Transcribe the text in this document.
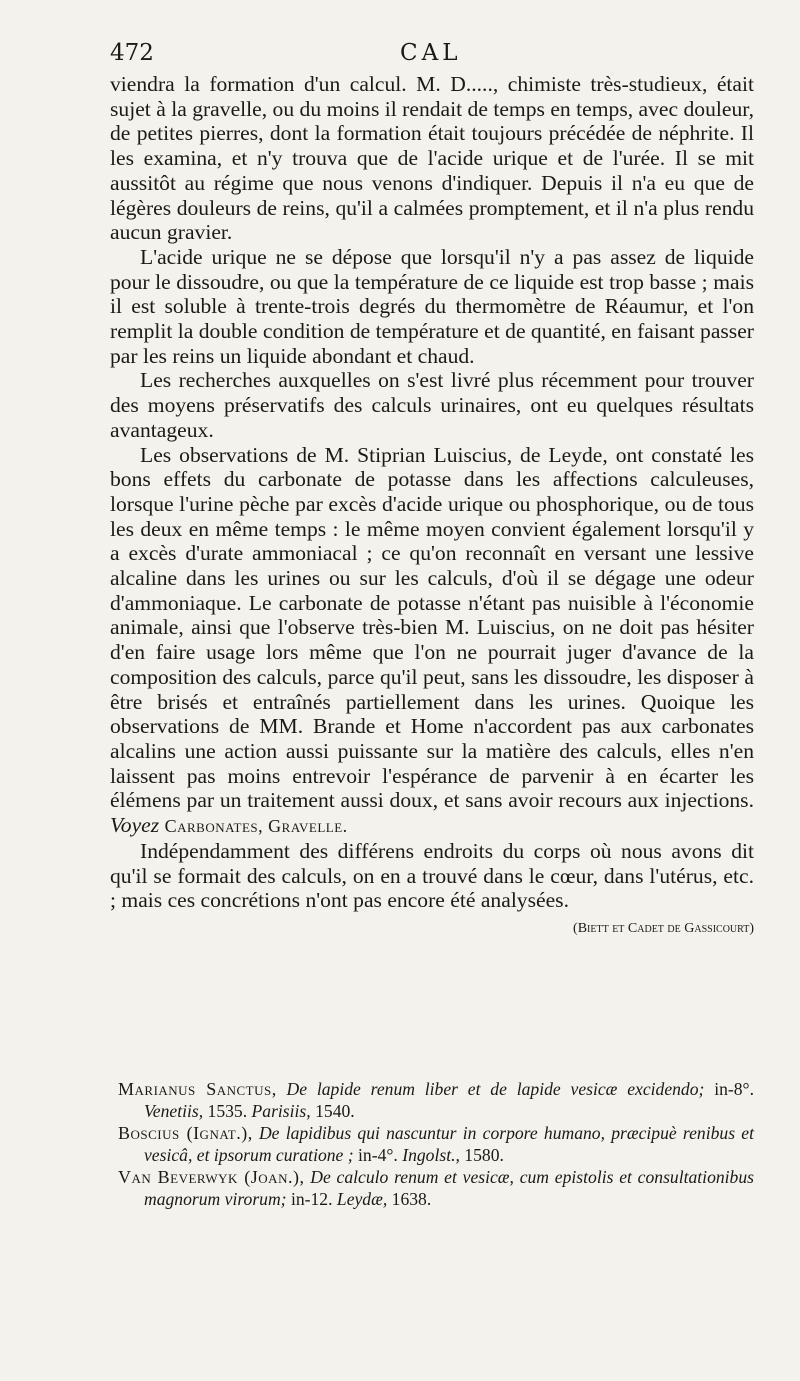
472	CAL

viendra la formation d'un calcul. M. D....., chimiste très-studieux, était sujet à la gravelle, ou du moins il rendait de temps en temps, avec douleur, de petites pierres, dont la formation était toujours précédée de néphrite. Il les examina, et n'y trouva que de l'acide urique et de l'urée. Il se mit aussitôt au régime que nous venons d'indiquer. Depuis il n'a eu que de légères douleurs de reins, qu'il a calmées promptement, et il n'a plus rendu aucun gravier.

L'acide urique ne se dépose que lorsqu'il n'y a pas assez de liquide pour le dissoudre, ou que la température de ce liquide est trop basse ; mais il est soluble à trente-trois degrés du thermomètre de Réaumur, et l'on remplit la double condition de température et de quantité, en faisant passer par les reins un liquide abondant et chaud.

Les recherches auxquelles on s'est livré plus récemment pour trouver des moyens préservatifs des calculs urinaires, ont eu quelques résultats avantageux.

Les observations de M. Stiprian Luiscius, de Leyde, ont constaté les bons effets du carbonate de potasse dans les affections calculeuses, lorsque l'urine pèche par excès d'acide urique ou phosphorique, ou de tous les deux en même temps : le même moyen convient également lorsqu'il y a excès d'urate ammoniacal ; ce qu'on reconnaît en versant une lessive alcaline dans les urines ou sur les calculs, d'où il se dégage une odeur d'ammoniaque. Le carbonate de potasse n'étant pas nuisible à l'économie animale, ainsi que l'observe très-bien M. Luiscius, on ne doit pas hésiter d'en faire usage lors même que l'on ne pourrait juger d'avance de la composition des calculs, parce qu'il peut, sans les dissoudre, les disposer à être brisés et entraînés partiellement dans les urines. Quoique les observations de MM. Brande et Home n'accordent pas aux carbonates alcalins une action aussi puissante sur la matière des calculs, elles n'en laissent pas moins entrevoir l'espérance de parvenir à en écarter les élémens par un traitement aussi doux, et sans avoir recours aux injections. Voyez Carbonates, Gravelle.

Indépendamment des différens endroits du corps où nous avons dit qu'il se formait des calculs, on en a trouvé dans le cœur, dans l'utérus, etc. ; mais ces concrétions n'ont pas encore été analysées.
(Biett et Cadet de Gassicourt)

Marianus Sanctus, De lapide renum liber et de lapide vesicæ excidendo; in-8°. Venetiis, 1535. Parisiis, 1540.

Boscius (Ignat.), De lapidibus qui nascuntur in corpore humano, præcipuè renibus et vesicâ, et ipsorum curatione ; in-4°. Ingolst., 1580.

Van Beverwyk (Joan.), De calculo renum et vesicæ, cum epistolis et consultationibus magnorum virorum; in-12. Leydæ, 1638.
